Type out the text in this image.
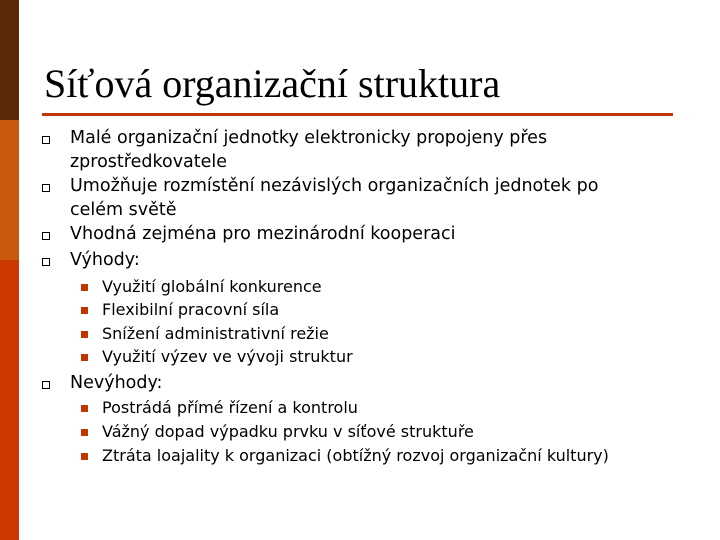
Síťová organizační struktura
Malé organizační jednotky elektronicky propojeny přes
zprostředkovatele
Umožňuje rozmístění nezávislých organizačních jednotek po
celém světě
Vhodná zejména pro mezinárodní kooperaci
Výhody:
Využití globální konkurence
Flexibilní pracovní síla
Snížení administrativní režie
Využití výzev ve vývoji struktur
Nevýhody:
Postrádá přímé řízení a kontrolu
Vážný dopad výpadku prvku v síťové struktuře
Ztráta loajality k organizaci (obtížný rozvoj organizační kultury)
